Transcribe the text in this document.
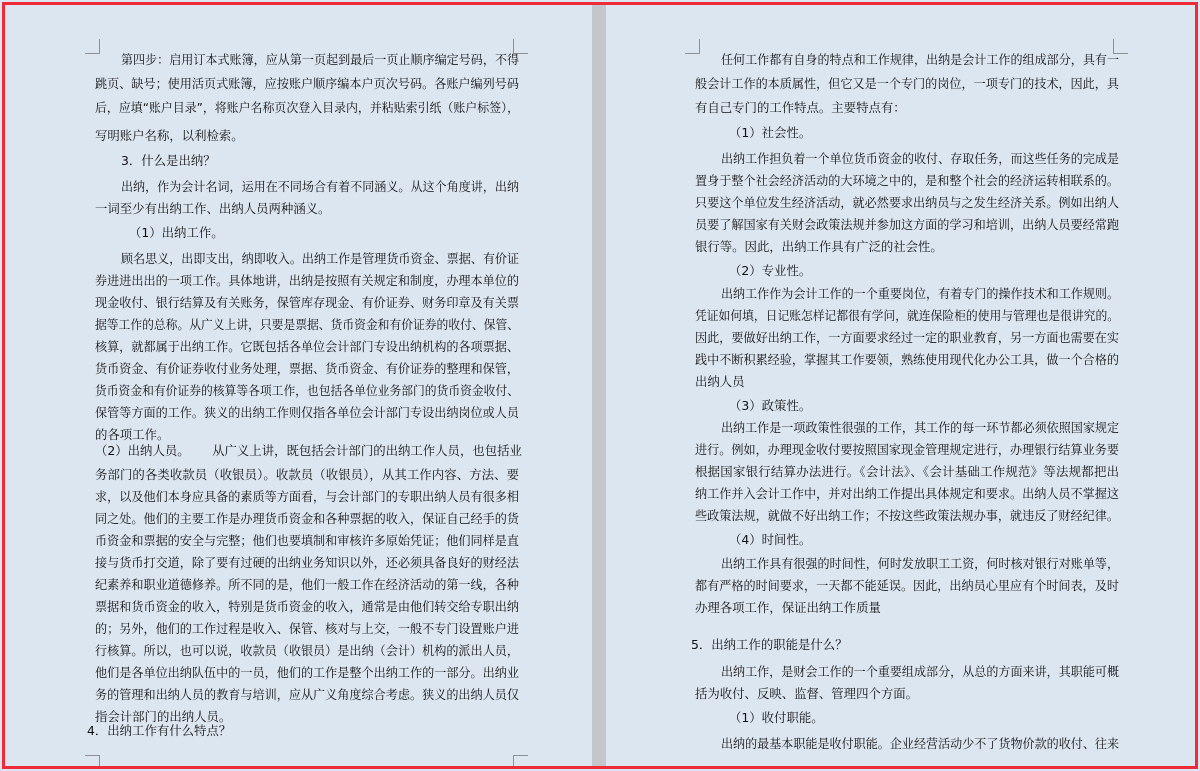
第四步：启用订本式账簿，应从第一页起到最后一页止顺序编定号码，不得
跳页、缺号；使用活页式账簿，应按账户顺序编本户页次号码。各账户编列号码
后，应填“账户目录”，将账户名称页次登入目录内，并粘贴索引纸（账户标签），
写明账户名称，以利检索。
3．什么是出纳？
出纳，作为会计名词，运用在不同场合有着不同涵义。从这个角度讲，出纳
一词至少有出纳工作、出纳人员两种涵义。
（1）出纳工作。
顾名思义，出即支出，纳即收入。出纳工作是管理货币资金、票据、有价证
券进进出出的一项工作。具体地讲，出纳是按照有关规定和制度，办理本单位的
现金收付、银行结算及有关账务，保管库存现金、有价证券、财务印章及有关票
据等工作的总称。从广义上讲，只要是票据、货币资金和有价证券的收付、保管、
核算，就都属于出纳工作。它既包括各单位会计部门专设出纳机构的各项票据、
货币资金、有价证券收付业务处理，票据、货币资金、有价证券的整理和保管，
货币资金和有价证券的核算等各项工作，也包括各单位业务部门的货币资金收付、
保管等方面的工作。狭义的出纳工作则仅指各单位会计部门专设出纳岗位或人员
的各项工作。
（2）出纳人员。　　 从广义上讲，既包括会计部门的出纳工作人员，也包括业
务部门的各类收款员（收银员）。收款员（收银员），从其工作内容、方法、要
求，以及他们本身应具备的素质等方面看，与会计部门的专职出纳人员有很多相
同之处。他们的主要工作是办理货币资金和各种票据的收入，保证自己经手的货
币资金和票据的安全与完整；他们也要填制和审核许多原始凭证；他们同样是直
接与货币打交道，除了要有过硬的出纳业务知识以外，还必须具备良好的财经法
纪素养和职业道德修养。所不同的是，他们一般工作在经济活动的第一线，各种
票据和货币资金的收入，特别是货币资金的收入，通常是由他们转交给专职出纳
的；另外，他们的工作过程是收入、保管、核对与上交，一般不专门设置账户进
行核算。所以，也可以说，收款员（收银员）是出纳（会计）机构的派出人员，
他们是各单位出纳队伍中的一员，他们的工作是整个出纳工作的一部分。出纳业
务的管理和出纳人员的教育与培训，应从广义角度综合考虑。狭义的出纳人员仅
指会计部门的出纳人员。
4．出纳工作有什么特点？
任何工作都有自身的特点和工作规律，出纳是会计工作的组成部分，具有一
般会计工作的本质属性，但它又是一个专门的岗位，一项专门的技术，因此，具
有自己专门的工作特点。主要特点有：
（1）社会性。
出纳工作担负着一个单位货币资金的收付、存取任务，而这些任务的完成是
置身于整个社会经济活动的大环境之中的，是和整个社会的经济运转相联系的。
只要这个单位发生经济活动，就必然要求出纳员与之发生经济关系。例如出纳人
员要了解国家有关财会政策法规并参加这方面的学习和培训，出纳人员要经常跑
银行等。因此，出纳工作具有广泛的社会性。
（2）专业性。
出纳工作作为会计工作的一个重要岗位，有着专门的操作技术和工作规则。
凭证如何填，日记账怎样记都很有学问，就连保险柜的使用与管理也是很讲究的。
因此，要做好出纳工作，一方面要求经过一定的职业教育，另一方面也需要在实
践中不断积累经验，掌握其工作要领，熟练使用现代化办公工具，做一个合格的
出纳人员
（3）政策性。
出纳工作是一项政策性很强的工作，其工作的每一环节都必须依照国家规定
进行。例如，办理现金收付要按照国家现金管理规定进行，办理银行结算业务要
根据国家银行结算办法进行。《会计法》、《会计基础工作规范》等法规都把出
纳工作并入会计工作中，并对出纳工作提出具体规定和要求。出纳人员不掌握这
些政策法规，就做不好出纳工作；不按这些政策法规办事，就违反了财经纪律。
（4）时间性。
出纳工作具有很强的时间性，何时发放职工工资，何时核对银行对账单等，
都有严格的时间要求，一天都不能延误。因此，出纳员心里应有个时间表，及时
办理各项工作，保证出纳工作质量
5．出纳工作的职能是什么？
出纳工作，是财会工作的一个重要组成部分，从总的方面来讲，其职能可概
括为收付、反映、监督、管理四个方面。
（1）收付职能。
出纳的最基本职能是收付职能。企业经营活动少不了货物价款的收付、往来
